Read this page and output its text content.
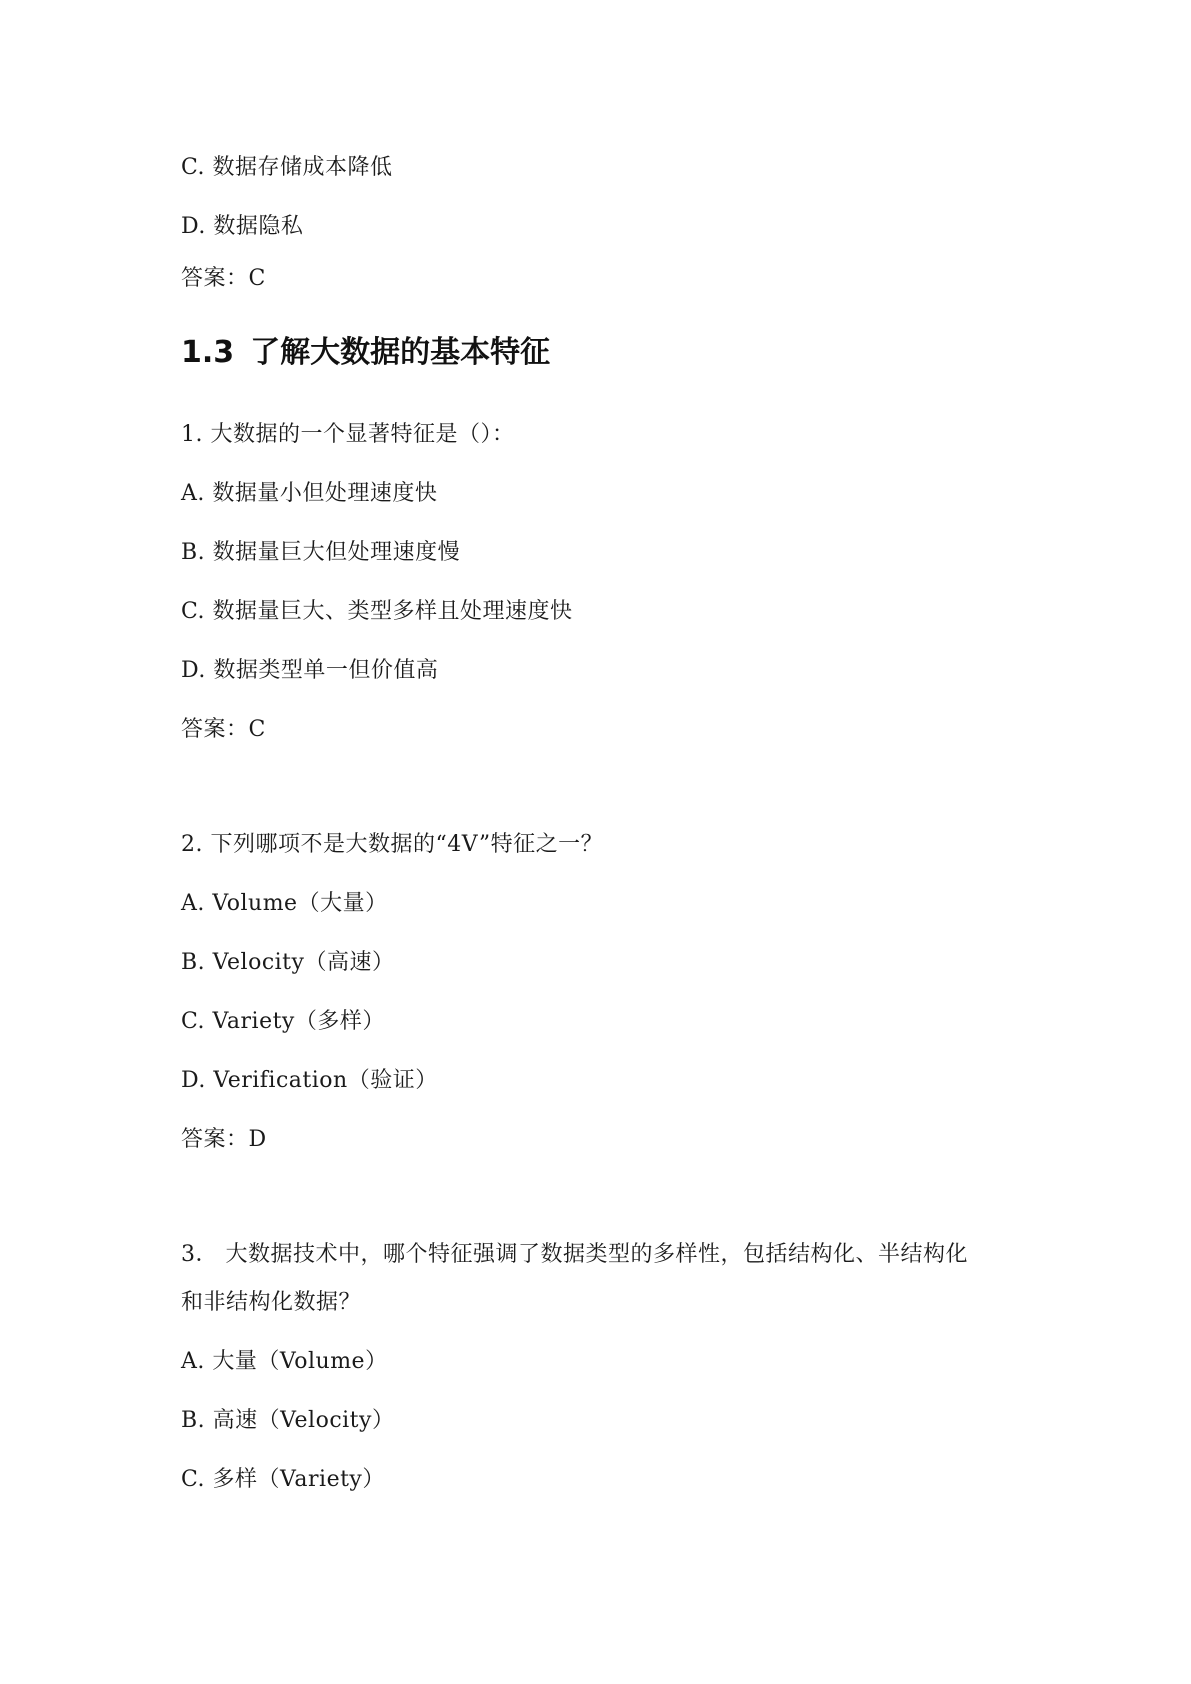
C. 数据存储成本降低
D. 数据隐私
答案：C
1.3 了解大数据的基本特征
1. 大数据的一个显著特征是（）：
A. 数据量小但处理速度快
B. 数据量巨大但处理速度慢
C. 数据量巨大、类型多样且处理速度快
D. 数据类型单一但价值高
答案：C
2. 下列哪项不是大数据的“4V”特征之一？
A. Volume（大量）
B. Velocity（高速）
C. Variety（多样）
D. Verification（验证）
答案：D
3． 大数据技术中，哪个特征强调了数据类型的多样性，包括结构化、半结构化
和非结构化数据？
A. 大量（Volume）
B. 高速（Velocity）
C. 多样（Variety）
